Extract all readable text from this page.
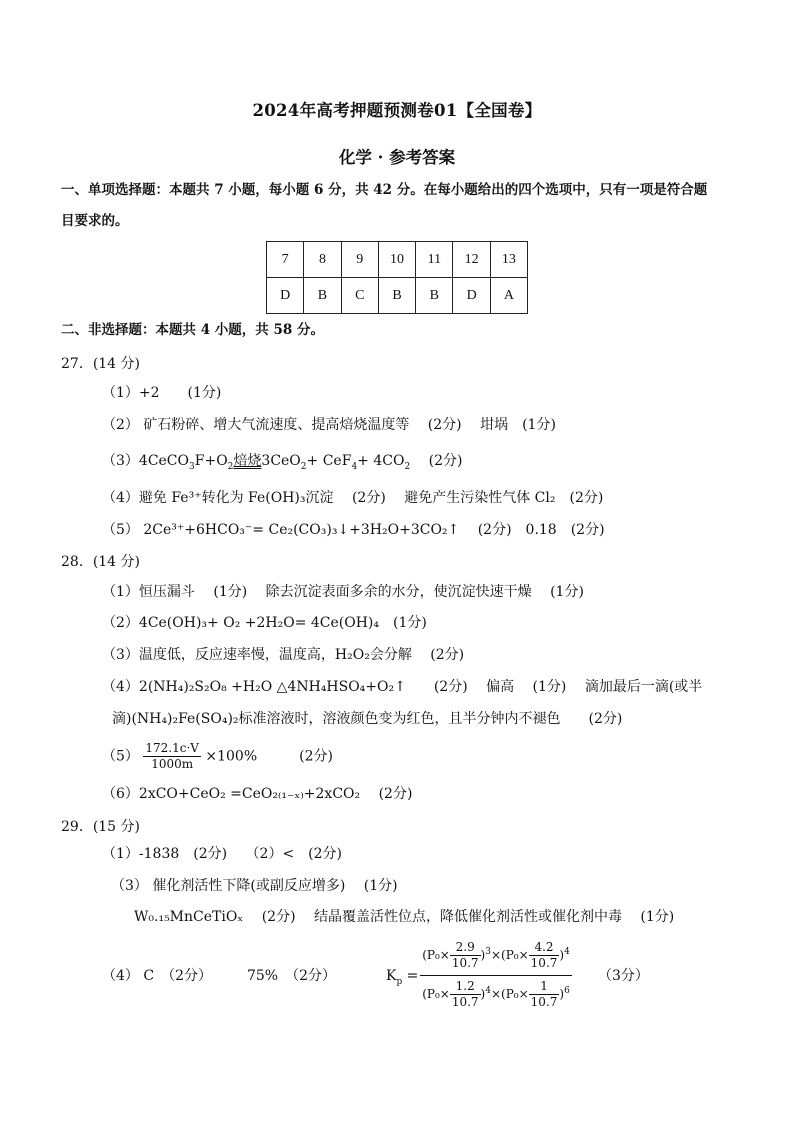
2024年高考押题预测卷01【全国卷】
化学 · 参考答案
一、单项选择题：本题共 7 小题，每小题 6 分，共 42 分。在每小题给出的四个选项中，只有一项是符合题
目要求的。
7	8	9	10	11	12	13
D	B	C	B	B	D	A
二、非选择题：本题共 4 小题，共 58 分。
27．(14 分)
（1）+2　　(1分)
（2） 矿石粉碎、增大气流速度、提高焙烧温度等　 (2分)　 坩埚　(1分)
$(3)4CeCO_3F+O_2$焙烧$3CeO_2+ CeF_4+ 4CO_2$　 (2分)
（4）避免 Fe³⁺转化为 Fe(OH)₃沉淀　 (2分)　 避免产生污染性气体 Cl₂　(2分)
（5） 2Ce³⁺+6HCO₃⁻= Ce₂(CO₃)₃↓+3H₂O+3CO₂↑　 (2分)　0.18　(2分)
28．(14 分)
（1）恒压漏斗　 (1分)　 除去沉淀表面多余的水分，使沉淀快速干燥　 (1分)
（2）4Ce(OH)₃+ O₂ +2H₂O= 4Ce(OH)₄　(1分)
（3）温度低，反应速率慢，温度高，H₂O₂会分解　 (2分)
（4）2(NH₄)₂S₂O₈ +H₂O △4NH₄HSO₄+O₂↑　　(2分)　 偏高　 (1分)　 滴加最后一滴(或半
滴)(NH₄)₂Fe(SO₄)₂标准溶液时，溶液颜色变为红色，且半分钟内不褪色　　(2分)
$(5) \frac{172.1c\cdot V}{1000m} \times 100\%$　　　(2分)
（6）2xCO+CeO₂ =CeO₂₍₁₋ₓ₎+2xCO₂　 (2分)
29．(15 分)
（1）-1838　(2分)　 （2）<　(2分)
（3） 催化剂活性下降(或副反应增多)　 (1分)
W₀.₁₅MnCeTiOₓ　 (2分)　 结晶覆盖活性位点，降低催化剂活性或催化剂中毒　 (1分)
（4） C　（2分）　　　75%　（2分）	$K_p$ =
$(P_0\times \frac{2.9}{10.7} )^3\times(P_0\times \frac{4.2}{10.7} )^4$
$(P_0\times \frac{1.2}{10.7} )^4\times(P_0\times \frac{1}{10.7} )^6$
（3分）
